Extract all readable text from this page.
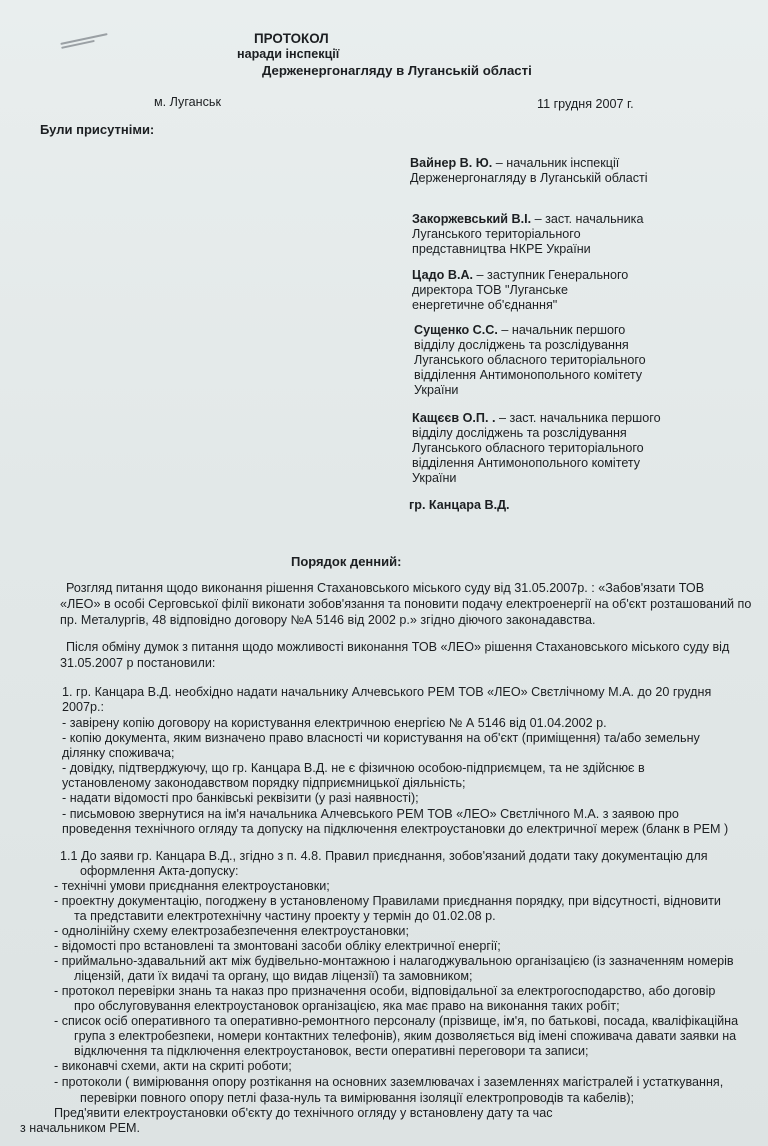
ПРОТОКОЛ
наради інспекції
Держенергонагляду в Луганській області
м. Луганськ	11 грудня 2007 г.
Були присутніми:
Вайнер В. Ю. – начальник інспекції
Держенергонагляду в Луганській області
Закоржевський В.І. – заст. начальника
Луганського територіального
представництва НКРЕ України
Цадо В.А. – заступник Генерального
директора ТОВ "Луганське
енергетичне об'єднання"
Сущенко С.С. – начальник першого
відділу досліджень та розслідування
Луганського обласного територіального
відділення Антимонопольного комітету
України
Кащєєв О.П. . – заст. начальника першого
відділу досліджень та розслідування
Луганського обласного територіального
відділення Антимонопольного комітету
України
гр. Канцара В.Д.
Порядок денний:
Розгляд питання щодо виконання рішення Стахановського міського суду від 31.05.2007р. : «Забов'язати ТОВ
«ЛЕО» в особі Серговської філії виконати зобов'язання та поновити подачу електроенергії на об'єкт розташований по
пр. Металургів, 48 відповідно договору №А 5146 від 2002 р.» згідно діючого законадавства.
Після обміну думок з питання щодо можливості виконання ТОВ «ЛЕО» рішення Стахановського міського суду від
31.05.2007 р постановили:
1. гр. Канцара В.Д. необхідно надати начальнику Алчевського РЕМ ТОВ «ЛЕО» Свєтлічному М.А. до 20 грудня
2007р.:
- завірену копію договору на користування електричною енергією № А 5146 від 01.04.2002 р.
- копію документа, яким визначено право власності чи користування на об'єкт (приміщення) та/або земельну
ділянку споживача;
- довідку, підтверджуючу, що гр. Канцара В.Д. не є фізичною особою-підприємцем, та не здійснює в
установленому законодавством порядку підприємницької діяльність;
- надати відомості про банківські реквізити (у разі наявності);
- письмовою звернутися на ім'я начальника Алчевського РЕМ ТОВ «ЛЕО» Свєтлічного М.А. з заявою про
проведення технічного огляду та допуску на підключення електроустановки до електричної мереж (бланк в РЕМ )
1.1 До заяви гр. Канцара В.Д., згідно з п. 4.8. Правил приєднання, зобов'язаний додати таку документацію для
оформлення Акта-допуску:
- технічні умови приєднання електроустановки;
- проектну документацію, погоджену в установленому Правилами приєднання порядку, при відсутності, відновити
та представити електротехнічну частину проекту у термін до 01.02.08 р.
- однолінійну схему електрозабезпечення електроустановки;
- відомості про встановлені та змонтовані засоби обліку електричної енергії;
- приймально-здавальний акт між будівельно-монтажною і налагоджувальною організацією (із зазначенням номерів
ліцензій, дати їх видачі та органу, що видав ліцензії) та замовником;
- протокол перевірки знань та наказ про призначення особи, відповідальної за електрогосподарство, або договір
про обслуговування електроустановок організацією, яка має право на виконання таких робіт;
- список осіб оперативного та оперативно-ремонтного персоналу (прізвище, ім'я, по батькові, посада, кваліфікаційна
група з електробезпеки, номери контактних телефонів), яким дозволяється від імені споживача давати заявки на
вiдключення та підключення електроустановок, вести оперативні переговори та записи;
- виконавчі схеми, акти на скриті роботи;
- протоколи ( вимірювання опору розтікання на основних заземлювачах і заземленнях магістралей і устаткування,
перевірки повного опору петлі фаза-нуль та вимірювання ізоляції електропроводів та кабелів);
Пред'явити електроустановки об'єкту до технічного огляду у встановлену дату та час
з начальником РЕМ.
